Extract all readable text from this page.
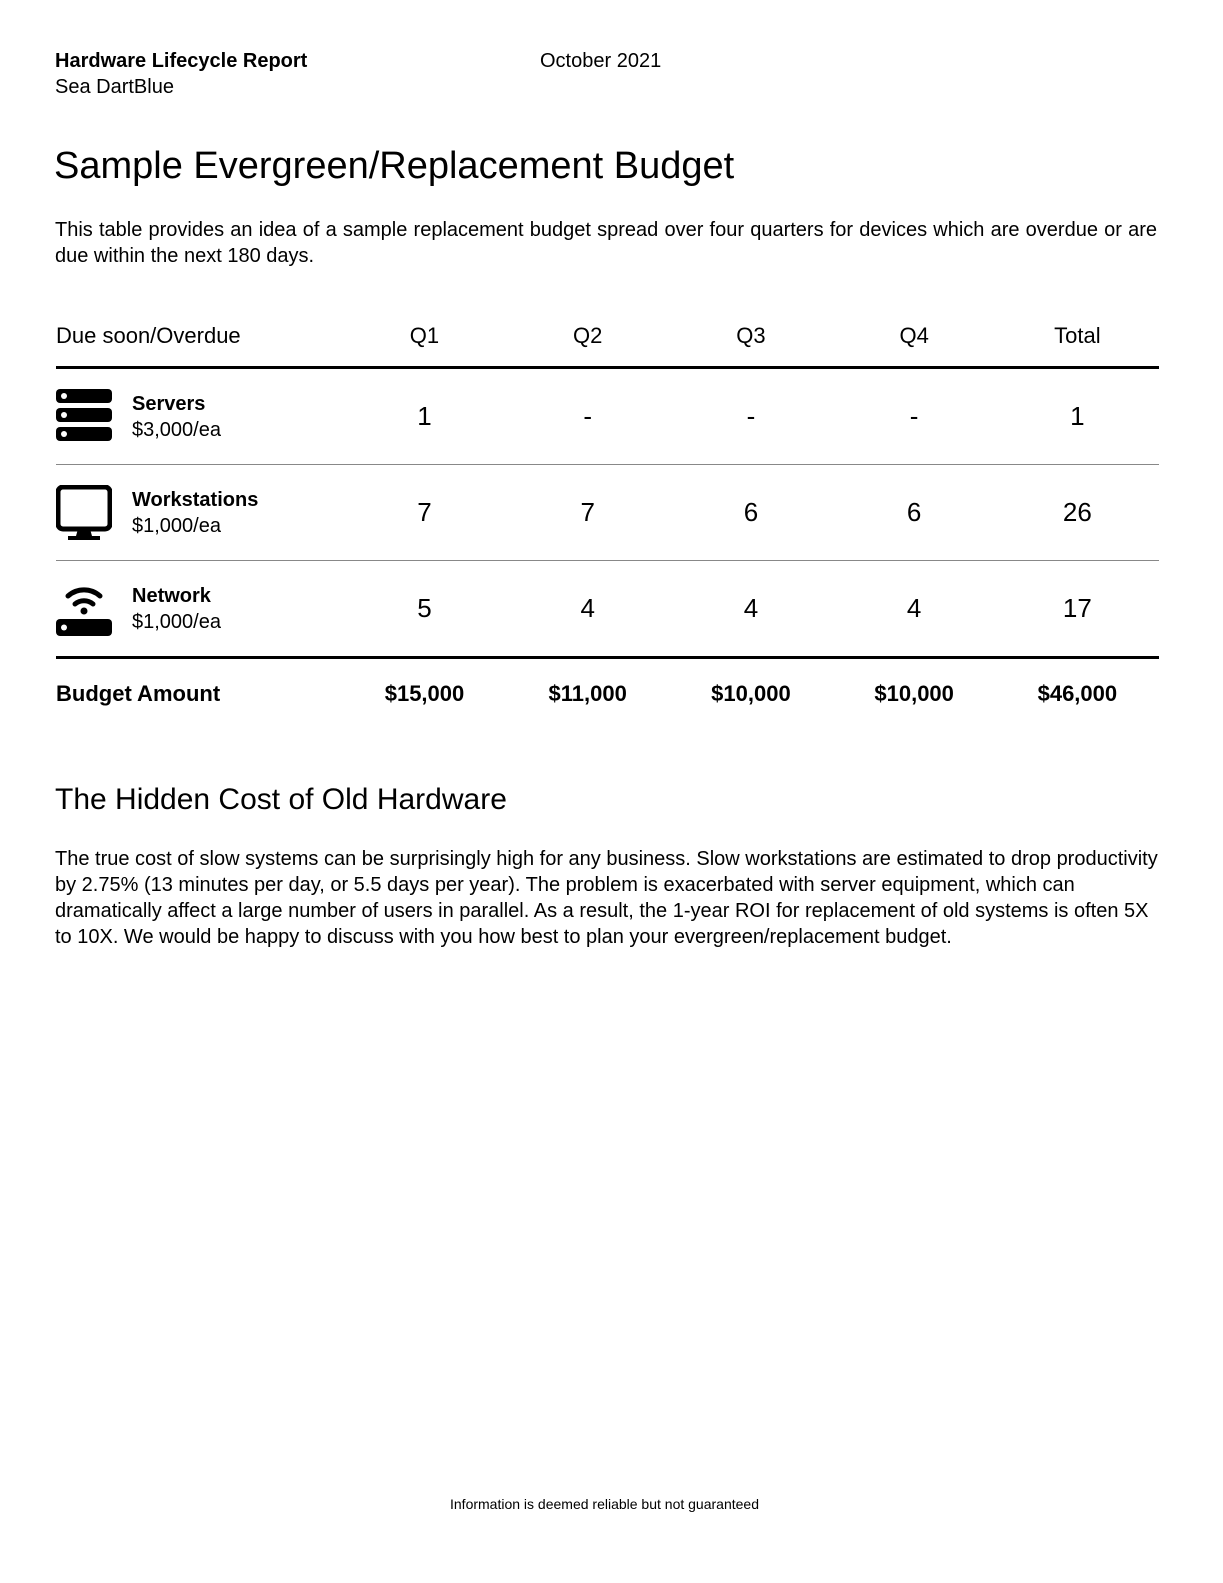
Hardware Lifecycle Report
Sea DartBlue
October 2021
Sample Evergreen/Replacement Budget

This table provides an idea of a sample replacement budget spread over four quarters for devices which are overdue or are due within the next 180 days.

Due soon/Overdue	Q1	Q2	Q3	Q4	Total
Servers
$3,000/ea	1	-	-	-	1
Workstations
$1,000/ea	7	7	6	6	26
Network
$1,000/ea	5	4	4	4	17
Budget Amount	$15,000	$11,000	$10,000	$10,000	$46,000
The Hidden Cost of Old Hardware

The true cost of slow systems can be surprisingly high for any business. Slow workstations are estimated to drop productivity by 2.75% (13 minutes per day, or 5.5 days per year). The problem is exacerbated with server equipment, which can dramatically affect a large number of users in parallel. As a result, the 1-year ROI for replacement of old systems is often 5X to 10X. We would be happy to discuss with you how best to plan your evergreen/replacement budget.

Information is deemed reliable but not guaranteed
